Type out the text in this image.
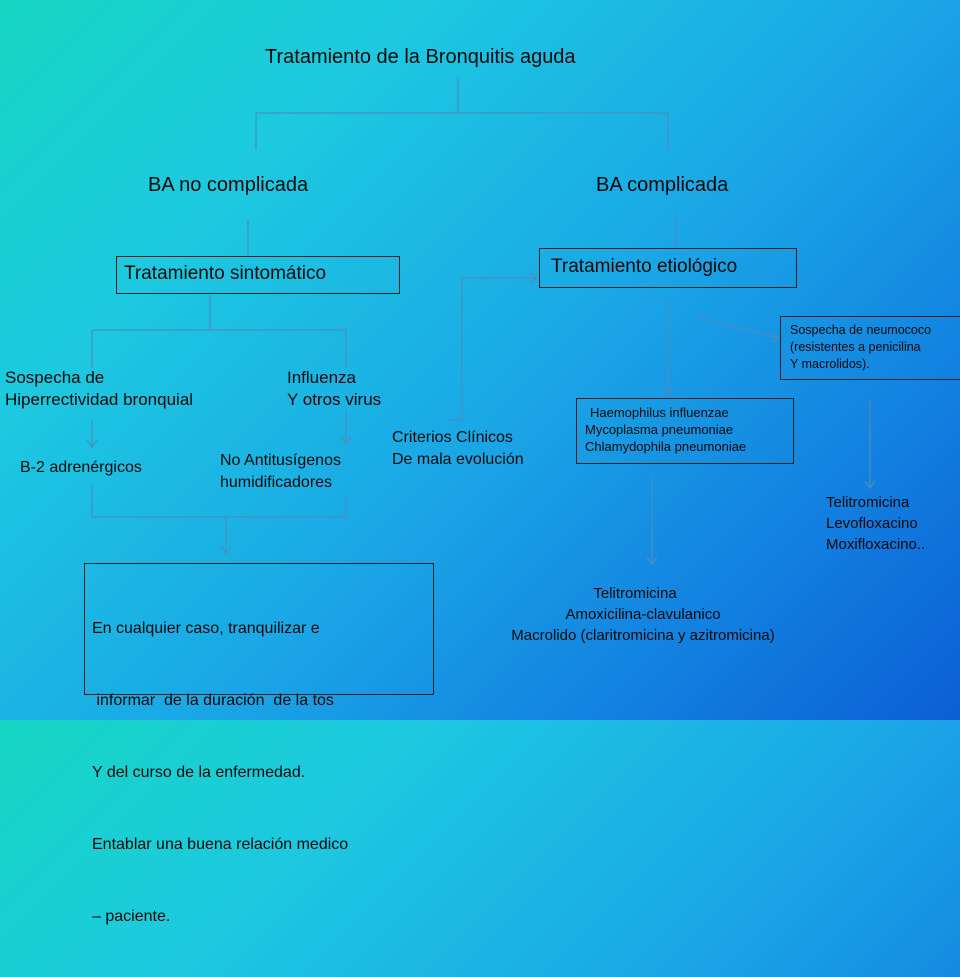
Tratamiento de la Bronquitis aguda
BA no complicada	BA complicada
Tratamiento sintomático	Tratamiento etiológico
Sospecha de
Hiperrectividad bronquial
Influenza
Y otros virus
B-2 adrenérgicos	No Antitusígenos
humidificadores
Criterios Clínicos
De mala evolución

En cualquier caso, tranquilizar e

informar  de la duración  de la tos

Y del curso de la enfermedad.

Entablar una buena relación medico

– paciente.

Haemophilus influenzae
Mycoplasma pneumoniae
Chlamydophila pneumoniae
Sospecha de neumococo
(resistentes a penicilina
Y macrolidos).
Telitromicina
Amoxicilina-clavulanico
Macrolido (claritromicina y azitromicina)
Telitromicina
Levofloxacino
Moxifloxacino..
